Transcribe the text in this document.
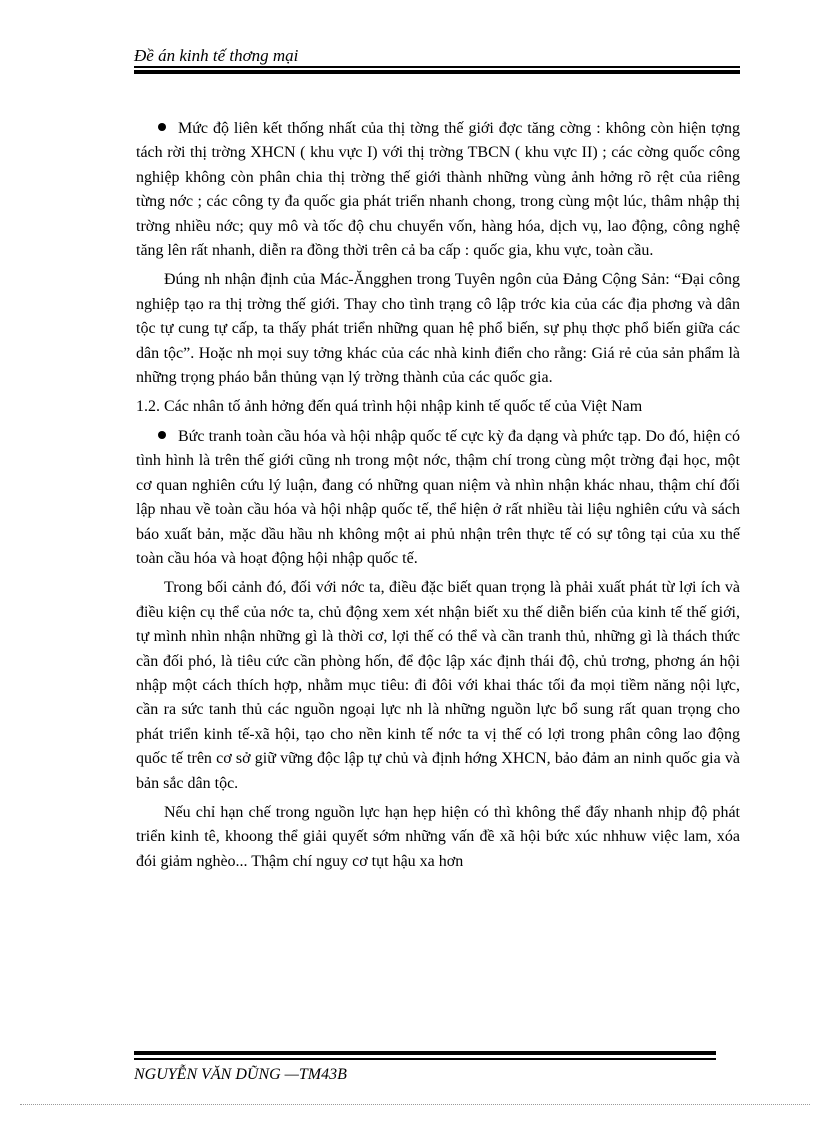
Đề án kinh tế thơng mại

Mức độ liên kết thống nhất của thị tờng thế giới đợc tăng cờng : không còn hiện tợng tách rời thị trờng XHCN ( khu vực I) với thị trờng TBCN ( khu vực II) ; các cờng quốc công nghiệp không còn phân chia thị trờng thế giới thành những vùng ảnh hởng rõ rệt của riêng từng nớc ; các công ty đa quốc gia phát triển nhanh chong, trong cùng một lúc, thâm nhập thị trờng nhiều nớc; quy mô và tốc độ chu chuyển vốn, hàng hóa, dịch vụ, lao động, công nghệ tăng lên rất nhanh, diễn ra đồng thời trên cả ba cấp : quốc gia, khu vực, toàn cầu.

Đúng nh nhận định của Mác-Ăngghen trong Tuyên ngôn của Đảng Cộng Sản: “Đại công nghiệp tạo ra thị trờng thế giới. Thay cho tình trạng cô lập trớc kia của các địa phơng và dân tộc tự cung tự cấp, ta thấy phát triển những quan hệ phổ biến, sự phụ thợc phổ biến giữa các dân tộc”. Hoặc nh mọi suy tởng khác của các nhà kinh điển cho rằng: Giá rẻ của sản phẩm là những trọng pháo bắn thủng vạn lý trờng thành của các quốc gia.

1.2. Các nhân tố ảnh hởng đến quá trình hội nhập kinh tế quốc tế của Việt Nam

Bức tranh toàn cầu hóa và hội nhập quốc tế cực kỳ đa dạng và phức tạp. Do đó, hiện có tình hình là trên thế giới cũng nh trong một nớc, thậm chí trong cùng một trờng đại học, một cơ quan nghiên cứu lý luận, đang có những quan niệm và nhìn nhận khác nhau, thậm chí đối lập nhau về toàn cầu hóa và hội nhập quốc tế, thể hiện ở rất nhiều tài liệu nghiên cứu và sách báo xuất bản, mặc dầu hầu nh không một ai phủ nhận trên thực tế có sự tông tại của xu thế toàn cầu hóa và hoạt động hội nhập quốc tế.

Trong bối cảnh đó, đối với nớc ta, điều đặc biết quan trọng là phải xuất phát từ lợi ích và điều kiện cụ thể của nớc ta, chủ động xem xét nhận biết xu thế diễn biến của kinh tế thế giới, tự mình nhìn nhận những gì là thời cơ, lợi thế có thể và cần tranh thủ, những gì là thách thức cần đối phó, là tiêu cức cần phòng hốn, để độc lập xác định thái độ, chủ trơng, phơng án hội nhập một cách thích hợp, nhằm mục tiêu: đi đôi với khai thác tối đa mọi tiềm năng nội lực, cần ra sức tanh thủ các nguồn ngoại lực nh là những nguồn lực bổ sung rất quan trọng cho phát triển kinh tế-xã hội, tạo cho nền kinh tế nớc ta vị thế có lợi trong phân công lao động quốc tế trên cơ sở giữ vững độc lập tự chủ và định hớng XHCN, bảo đảm an ninh quốc gia và bản sắc dân tộc.

Nếu chỉ hạn chế trong nguồn lực hạn hẹp hiện có thì không thể đẩy nhanh nhịp độ phát triển kinh tê, khoong thể giải quyết sớm những vấn đề xã hội bức xúc nhhuw việc lam, xóa đói giảm nghèo... Thậm chí nguy cơ tụt hậu xa hơn

NGUYỄN VĂN DŨNG —TM43B
